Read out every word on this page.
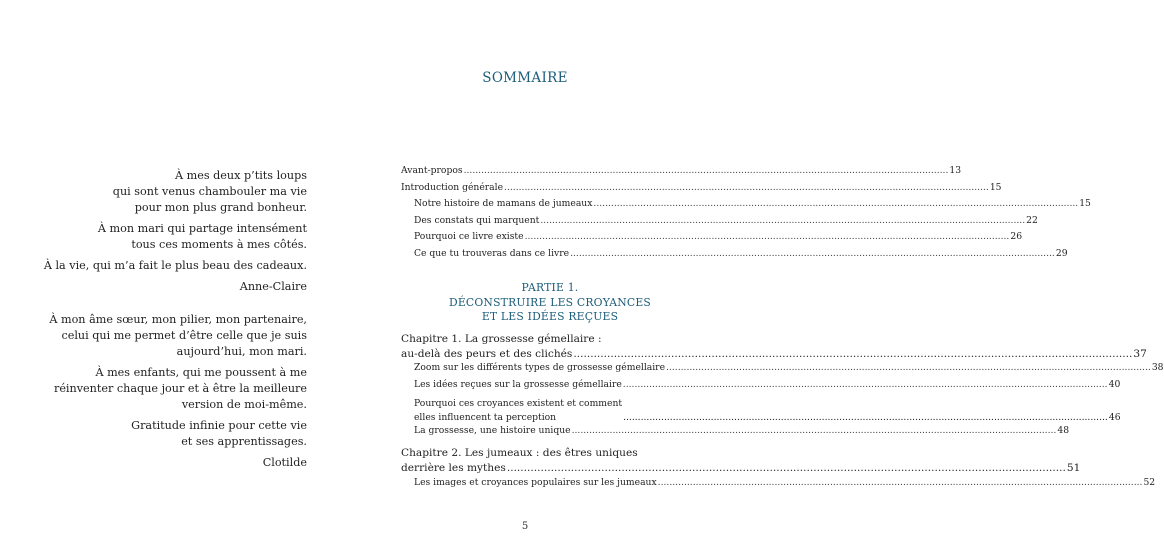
À mes deux p’tits loups
qui sont venus chambouler ma vie
pour mon plus grand bonheur.

À mon mari qui partage intensément
tous ces moments à mes côtés.

À la vie, qui m’a fait le plus beau des cadeaux.

Anne-Claire

À mon âme sœur, mon pilier, mon partenaire,
celui qui me permet d’être celle que je suis
aujourd’hui, mon mari.

À mes enfants, qui me poussent à me
réinventer chaque jour et à être la meilleure
version de moi-même.

Gratitude infinie pour cette vie
et ses apprentissages.

Clotilde

SOMMAIRE
Avant-propos .....	13
Introduction générale .....	15
Notre histoire de mamans de jumeaux .....	15
Des constats qui marquent .....	22
Pourquoi ce livre existe .....	26
Ce que tu trouveras dans ce livre .....	29
PARTIE 1.
DÉCONSTRUIRE LES CROYANCES
ET LES IDÉES REÇUES
Chapitre 1. La grossesse gémellaire :
au-delà des peurs et des clichés .....	37
Zoom sur les différents types de grossesse gémellaire .....	38
Les idées reçues sur la grossesse gémellaire .....	40
Pourquoi ces croyances existent et comment
elles influencent ta perception .....	46
La grossesse, une histoire unique .....	48
Chapitre 2. Les jumeaux : des êtres uniques
derrière les mythes .....	51
Les images et croyances populaires sur les jumeaux .....	52
5
